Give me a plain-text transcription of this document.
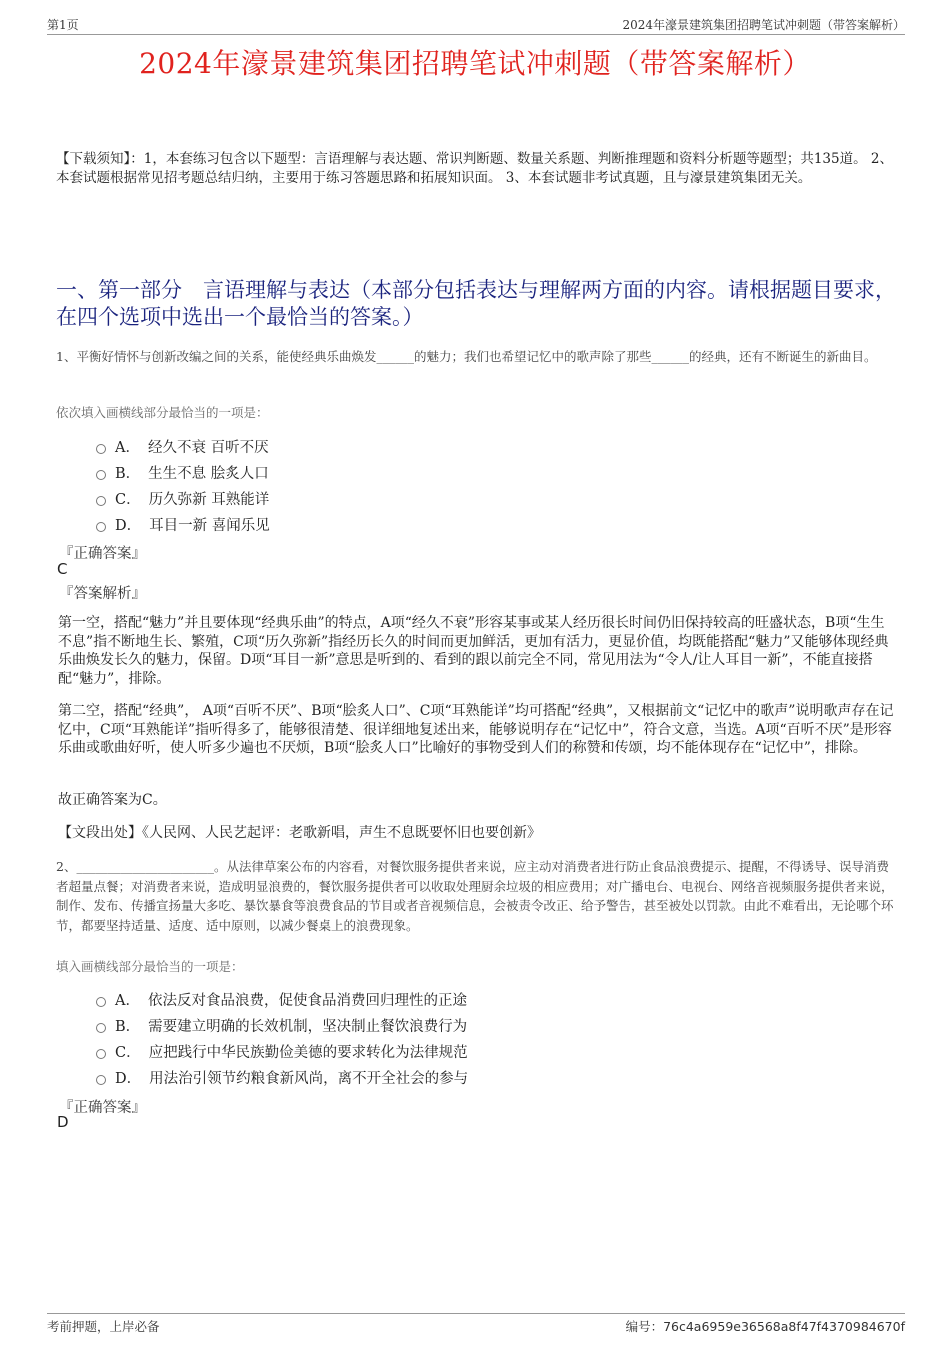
第1页	2024年濠景建筑集团招聘笔试冲刺题（带答案解析）
2024年濠景建筑集团招聘笔试冲刺题（带答案解析）
【下载须知】：1，本套练习包含以下题型：言语理解与表达题、常识判断题、数量关系题、判断推理题和资料分析题等题型；共135道。 2、本套试题根据常见招考题总结归纳，主要用于练习答题思路和拓展知识面。 3、本套试题非考试真题，且与濠景建筑集团无关。
一、第一部分　言语理解与表达（本部分包括表达与理解两方面的内容。请根据题目要求，在四个选项中选出一个最恰当的答案。）
1、平衡好情怀与创新改编之间的关系，能使经典乐曲焕发______的魅力；我们也希望记忆中的歌声除了那些______的经典，还有不断诞生的新曲目。
依次填入画横线部分最恰当的一项是：
A． 经久不衰 百听不厌
B． 生生不息 脍炙人口
C． 历久弥新 耳熟能详
D． 耳目一新 喜闻乐见
『正确答案』
C
『答案解析』
第一空，搭配“魅力”并且要体现“经典乐曲”的特点，A项“经久不衰”形容某事或某人经历很长时间仍旧保持较高的旺盛状态，B项“生生不息”指不断地生长、繁殖，C项“历久弥新”指经历长久的时间而更加鲜活，更加有活力，更显价值，均既能搭配“魅力”又能够体现经典乐曲焕发长久的魅力，保留。D项“耳目一新”意思是听到的、看到的跟以前完全不同，常见用法为“令人/让人耳目一新”，不能直接搭配“魅力”，排除。
第二空，搭配“经典”， A项“百听不厌”、B项“脍炙人口”、C项“耳熟能详”均可搭配“经典”，又根据前文“记忆中的歌声”说明歌声存在记忆中，C项“耳熟能详”指听得多了，能够很清楚、很详细地复述出来，能够说明存在“记忆中”，符合文意，当选。A项“百听不厌”是形容乐曲或歌曲好听，使人听多少遍也不厌烦，B项“脍炙人口”比喻好的事物受到人们的称赞和传颂，均不能体现存在“记忆中”，排除。
故正确答案为C。
【文段出处】《人民网、人民艺起评：老歌新唱，声生不息既要怀旧也要创新》
2、______________________。从法律草案公布的内容看，对餐饮服务提供者来说，应主动对消费者进行防止食品浪费提示、提醒，不得诱导、误导消费者超量点餐；对消费者来说，造成明显浪费的，餐饮服务提供者可以收取处理厨余垃圾的相应费用；对广播电台、电视台、网络音视频服务提供者来说，制作、发布、传播宣扬量大多吃、暴饮暴食等浪费食品的节目或者音视频信息，会被责令改正、给予警告，甚至被处以罚款。由此不难看出，无论哪个环节，都要坚持适量、适度、适中原则，以减少餐桌上的浪费现象。
填入画横线部分最恰当的一项是：
A． 依法反对食品浪费，促使食品消费回归理性的正途
B． 需要建立明确的长效机制，坚决制止餐饮浪费行为
C． 应把践行中华民族勤俭美德的要求转化为法律规范
D． 用法治引领节约粮食新风尚，离不开全社会的参与
『正确答案』
D
考前押题，上岸必备	编号：76c4a6959e36568a8f47f4370984670f
